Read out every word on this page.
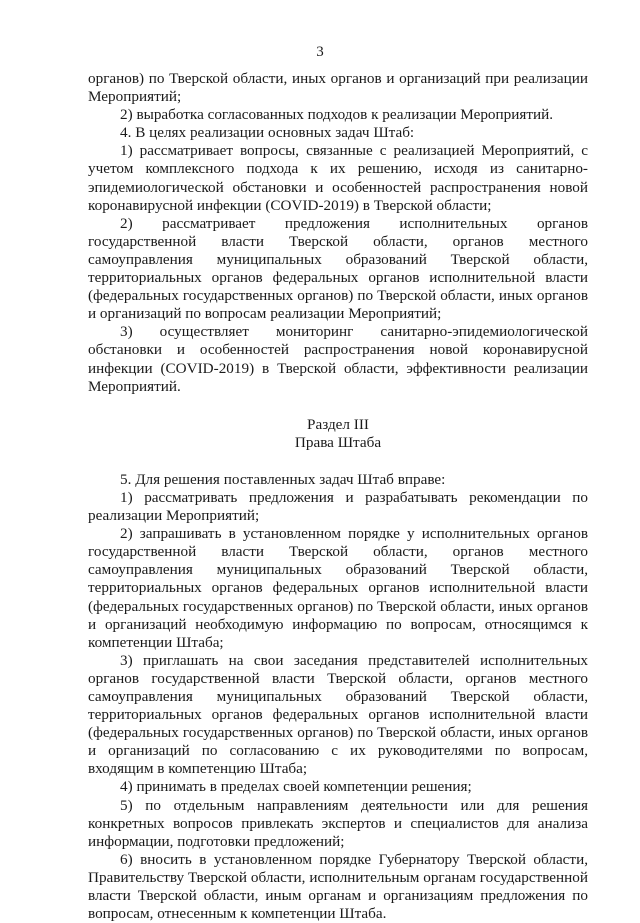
3

органов) по Тверской области, иных органов и организаций при реализации Мероприятий;

2) выработка согласованных подходов к реализации Мероприятий.

4. В целях реализации основных задач Штаб:

1) рассматривает вопросы, связанные с реализацией Мероприятий, с учетом комплексного подхода к их решению, исходя из санитарно-эпидемиологической обстановки и особенностей распространения новой коронавирусной инфекции (COVID-2019) в Тверской области;

2) рассматривает предложения исполнительных органов государственной власти Тверской области, органов местного самоуправления муниципальных образований Тверской области, территориальных органов федеральных органов исполнительной власти (федеральных государственных органов) по Тверской области, иных органов и организаций по вопросам реализации Мероприятий;

3) осуществляет мониторинг санитарно-эпидемиологической обстановки и особенностей распространения новой коронавирусной инфекции (COVID-2019) в Тверской области, эффективности реализации Мероприятий.

Раздел III
Права Штаба

5. Для решения поставленных задач Штаб вправе:

1) рассматривать предложения и разрабатывать рекомендации по реализации Мероприятий;

2) запрашивать в установленном порядке у исполнительных органов государственной власти Тверской области, органов местного самоуправления муниципальных образований Тверской области, территориальных органов федеральных органов исполнительной власти (федеральных государственных органов) по Тверской области, иных органов и организаций необходимую информацию по вопросам, относящимся к компетенции Штаба;

3) приглашать на свои заседания представителей исполнительных органов государственной власти Тверской области, органов местного самоуправления муниципальных образований Тверской области, территориальных органов федеральных органов исполнительной власти (федеральных государственных органов) по Тверской области, иных органов и организаций по согласованию с их руководителями по вопросам, входящим в компетенцию Штаба;

4) принимать в пределах своей компетенции решения;

5) по отдельным направлениям деятельности или для решения конкретных вопросов привлекать экспертов и специалистов для анализа информации, подготовки предложений;

6) вносить в установленном порядке Губернатору Тверской области, Правительству Тверской области, исполнительным органам государственной власти Тверской области, иным органам и организациям предложения по вопросам, отнесенным к компетенции Штаба.
